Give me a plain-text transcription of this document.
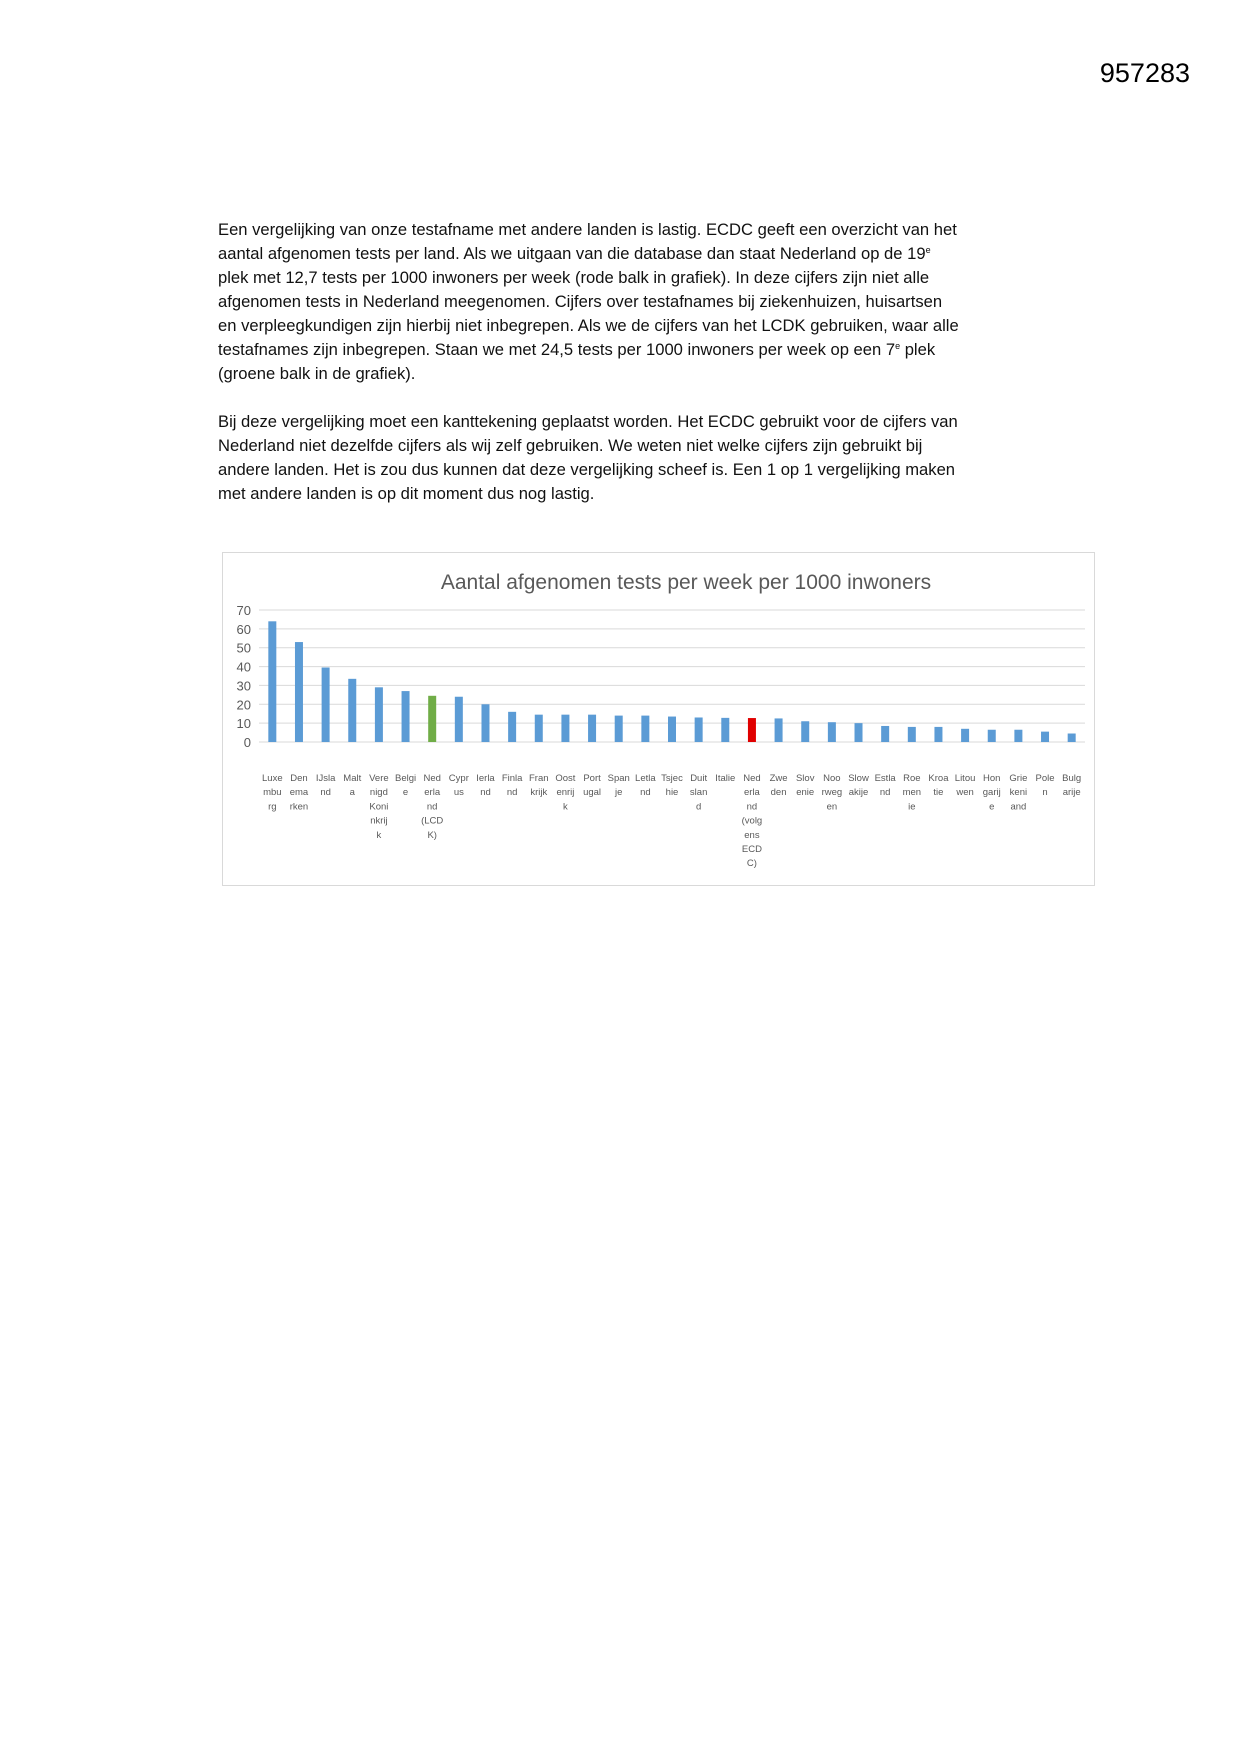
957283
Een vergelijking van onze testafname met andere landen is lastig. ECDC geeft een overzicht van het
aantal afgenomen tests per land. Als we uitgaan van die database dan staat Nederland op de 19e
plek met 12,7 tests per 1000 inwoners per week (rode balk in grafiek). In deze cijfers zijn niet alle
afgenomen tests in Nederland meegenomen. Cijfers over testafnames bij ziekenhuizen, huisartsen
en verpleegkundigen zijn hierbij niet inbegrepen. Als we de cijfers van het LCDK gebruiken, waar alle
testafnames zijn inbegrepen. Staan we met 24,5 tests per 1000 inwoners per week op een 7e plek
(groene balk in de grafiek).
Bij deze vergelijking moet een kanttekening geplaatst worden. Het ECDC gebruikt voor de cijfers van
Nederland niet dezelfde cijfers als wij zelf gebruiken. We weten niet welke cijfers zijn gebruikt bij
andere landen. Het is zou dus kunnen dat deze vergelijking scheef is. Een 1 op 1 vergelijking maken
met andere landen is op dit moment dus nog lastig.
Aantal afgenomen tests per week per 1000 inwoners
0
10
20
30
40
50
60
70
Luxe mbu rg
Den ema rken
IJsla nd
Malt a
Vere nigd Koni nkrij k
Belgi e
Ned erla nd (LCD K)
Cypr us
Ierla nd
Finla nd
Fran krijk
Oost enrij k
Port ugal
Span je
Letla nd
Tsjec hie
Duit slan d
Italie Ned erla nd (volg ens ECD C)
Zwe den
Slov enie
Noo rweg en
Slow akije
Estla nd
Roe men ie
Kroa tie
Litou wen
Hon garij e
Grie keni and
Pole n
Bulg arije
